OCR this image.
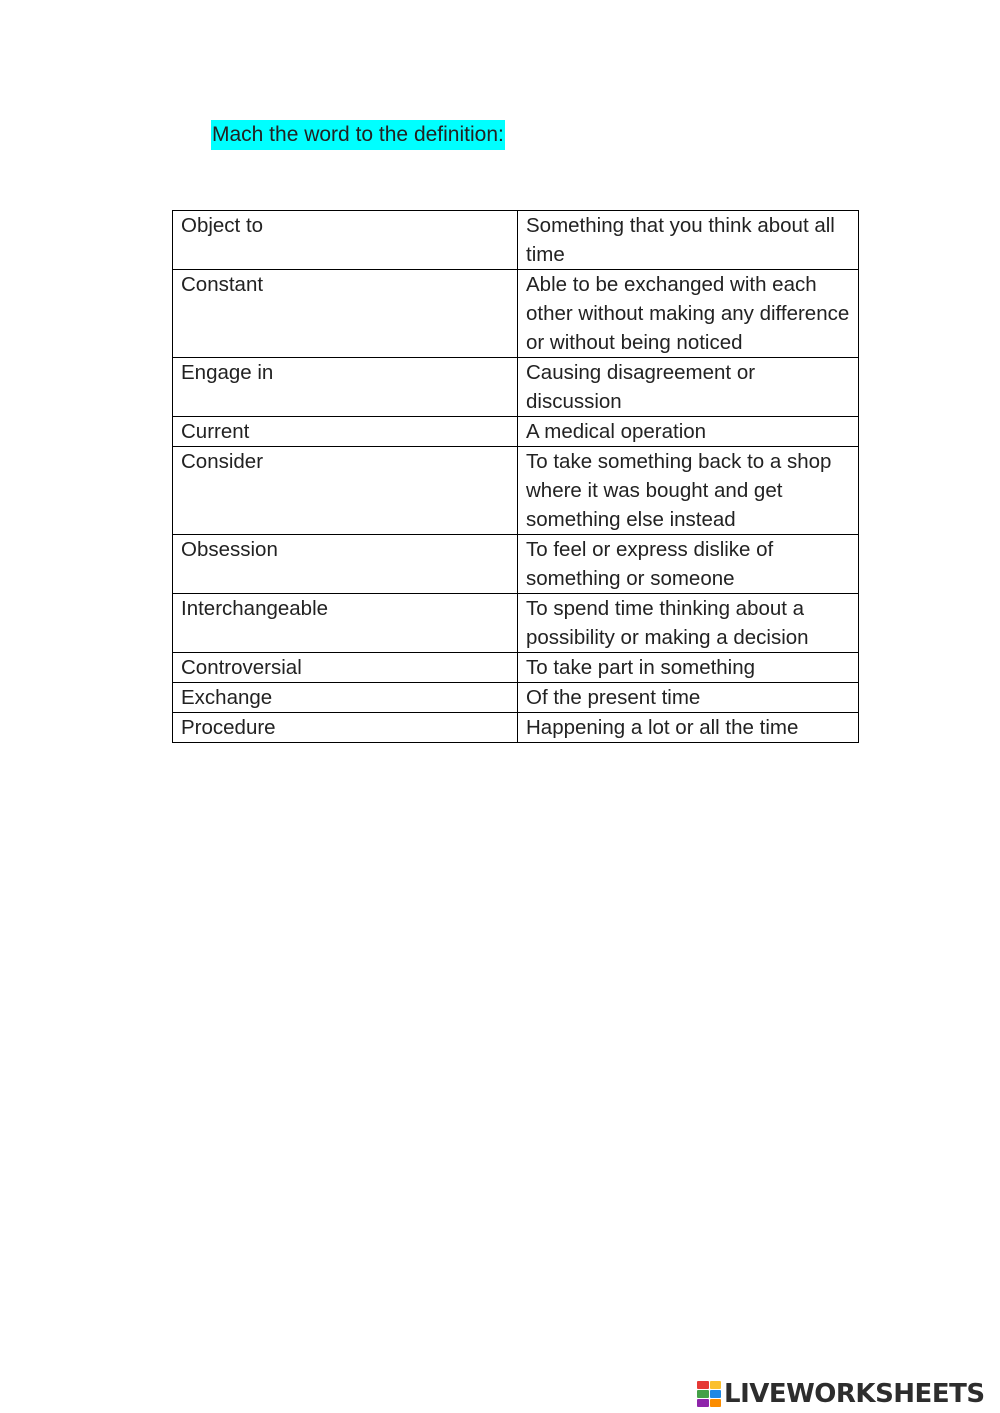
Mach the word to the definition:
Object to	Something that you think about all time
Constant	Able to be exchanged with each other without making any difference or without being noticed
Engage in	Causing disagreement or discussion
Current	A medical operation
Consider	To take something back to a shop where it was bought and get something else instead
Obsession	To feel or express dislike of something or someone
Interchangeable	To spend time thinking about a possibility or making a decision
Controversial	To take part in something
Exchange	Of the present time
Procedure	Happening a lot or all the time
LIVEWORKSHEETS
